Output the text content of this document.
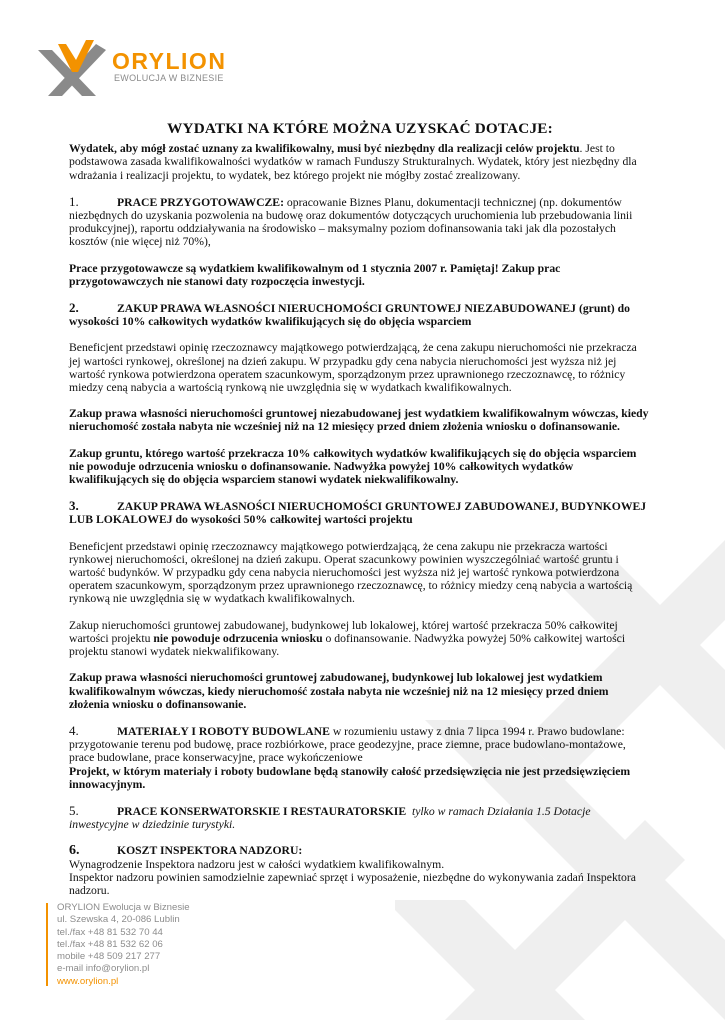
ORYLION
EWOLUCJA W BIZNESIE

WYDATKI NA KTÓRE MOŻNA UZYSKAĆ DOTACJE:

Wydatek, aby mógł zostać uznany za kwalifikowalny, musi być niezbędny dla realizacji celów projektu. Jest to podstawowa zasada kwalifikowalności wydatków w ramach Funduszy Strukturalnych. Wydatek, który jest niezbędny dla wdrażania i realizacji projektu, to wydatek, bez którego projekt nie mógłby zostać zrealizowany.

1.	PRACE PRZYGOTOWAWCZE: opracowanie Biznes Planu, dokumentacji technicznej (np. dokumentów niezbędnych do uzyskania pozwolenia na budowę oraz dokumentów dotyczących uruchomienia lub przebudowania linii produkcyjnej), raportu oddziaływania na środowisko – maksymalny poziom dofinansowania taki jak dla pozostałych kosztów (nie więcej niż 70%),

Prace przygotowawcze są wydatkiem kwalifikowalnym od 1 stycznia 2007 r. Pamiętaj! Zakup prac przygotowawczych nie stanowi daty rozpoczęcia inwestycji.

2.	ZAKUP PRAWA WŁASNOŚCI NIERUCHOMOŚCI GRUNTOWEJ NIEZABUDOWANEJ (grunt) do wysokości 10% całkowitych wydatków kwalifikujących się do objęcia wsparciem

Beneficjent przedstawi opinię rzeczoznawcy majątkowego potwierdzającą, że cena zakupu nieruchomości nie przekracza jej wartości rynkowej, określonej na dzień zakupu. W przypadku gdy cena nabycia nieruchomości jest wyższa niż jej wartość rynkowa potwierdzona operatem szacunkowym, sporządzonym przez uprawnionego rzeczoznawcę, to różnicy miedzy ceną nabycia a wartością rynkową nie uwzględnia się w wydatkach kwalifikowalnych.

Zakup prawa własności nieruchomości gruntowej niezabudowanej jest wydatkiem kwalifikowalnym wówczas, kiedy nieruchomość została nabyta nie wcześniej niż na 12 miesięcy przed dniem złożenia wniosku o dofinansowanie.

Zakup gruntu, którego wartość przekracza 10% całkowitych wydatków kwalifikujących się do objęcia wsparciem nie powoduje odrzucenia wniosku o dofinansowanie. Nadwyżka powyżej 10% całkowitych wydatków kwalifikujących się do objęcia wsparciem stanowi wydatek niekwalifikowalny.

3.	ZAKUP PRAWA WŁASNOŚCI NIERUCHOMOŚCI GRUNTOWEJ ZABUDOWANEJ, BUDYNKOWEJ LUB LOKALOWEJ do wysokości 50% całkowitej wartości projektu

Beneficjent przedstawi opinię rzeczoznawcy majątkowego potwierdzającą, że cena zakupu nie przekracza wartości rynkowej nieruchomości, określonej na dzień zakupu. Operat szacunkowy powinien wyszczególniać wartość gruntu i wartość budynków. W przypadku gdy cena nabycia nieruchomości jest wyższa niż jej wartość rynkowa potwierdzona operatem szacunkowym, sporządzonym przez uprawnionego rzeczoznawcę, to różnicy miedzy ceną nabycia a wartością rynkową nie uwzględnia się w wydatkach kwalifikowalnych.

Zakup nieruchomości gruntowej zabudowanej, budynkowej lub lokalowej, której wartość przekracza 50% całkowitej wartości projektu nie powoduje odrzucenia wniosku o dofinansowanie. Nadwyżka powyżej 50% całkowitej wartości projektu stanowi wydatek niekwalifikowany.

Zakup prawa własności nieruchomości gruntowej zabudowanej, budynkowej lub lokalowej jest wydatkiem kwalifikowalnym wówczas, kiedy nieruchomość została nabyta nie wcześniej niż na 12 miesięcy przed dniem złożenia wniosku o dofinansowanie.

4.	MATERIAŁY I ROBOTY BUDOWLANE w rozumieniu ustawy z dnia 7 lipca 1994 r. Prawo budowlane: przygotowanie terenu pod budowę, prace rozbiórkowe, prace geodezyjne, prace ziemne, prace budowlano-montażowe, prace budowlane, prace konserwacyjne, prace wykończeniowe

Projekt, w którym materiały i roboty budowlane będą stanowiły całość przedsięwzięcia nie jest przedsięwzięciem innowacyjnym.

5.	PRACE KONSERWATORSKIE I RESTAURATORSKIE tylko w ramach Działania 1.5 Dotacje inwestycyjne w dziedzinie turystyki.

6.	KOSZT INSPEKTORA NADZORU:

Wynagrodzenie Inspektora nadzoru jest w całości wydatkiem kwalifikowalnym.

Inspektor nadzoru powinien samodzielnie zapewniać sprzęt i wyposażenie, niezbędne do wykonywania zadań Inspektora nadzoru.

ORYLION Ewolucja w Biznesie
ul. Szewska 4, 20-086 Lublin
tel./fax +48 81 532 70 44
tel./fax +48 81 532 62 06
mobile +48 509 217 277
e-mail info@orylion.pl
www.orylion.pl
